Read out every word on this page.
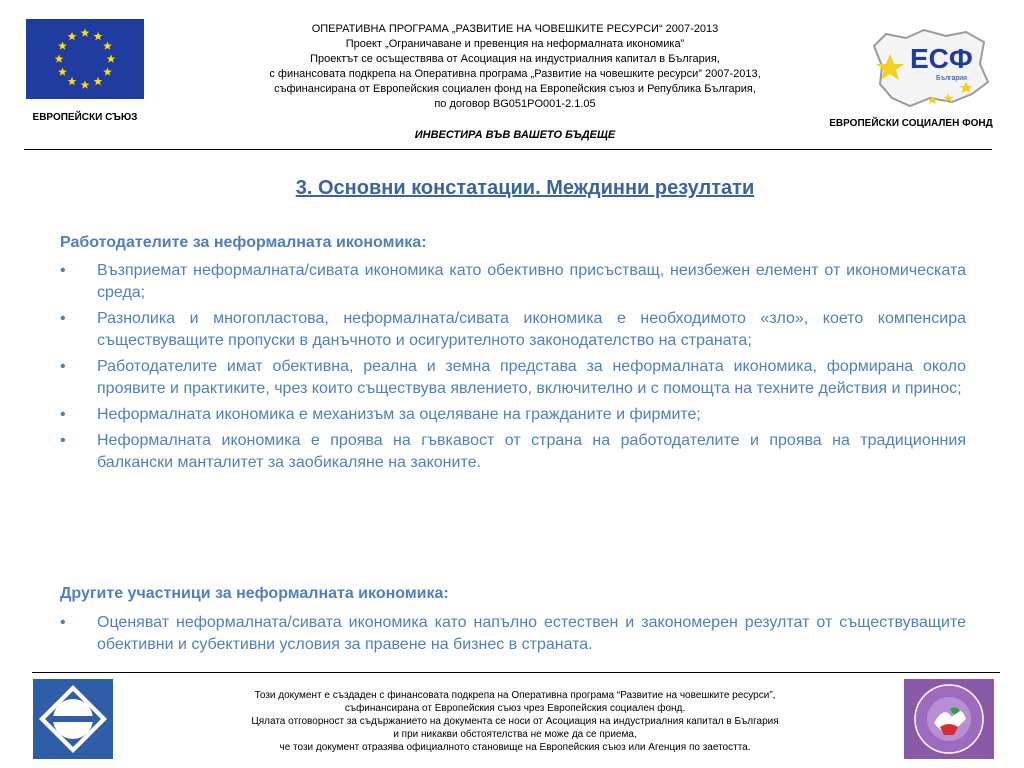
ЕВРОПЕЙСКИ СЪЮЗ
ОПЕРАТИВНА ПРОГРАМА „РАЗВИТИЕ НА ЧОВЕШКИТЕ РЕСУРСИ“ 2007-2013
Проект „Ограничаване и превенция на неформалната икономика”
Проектът се осъществява от Асоциация на индустриалния капитал в България,
с финансовата подкрепа на Оперативна програма „Развитие на човешките ресурси” 2007-2013,
съфинансирана от Европейския социален фонд на Европейския съюз и Република България,
по договор BG051PO001-2.1.05
ИНВЕСТИРА ВЪВ ВАШЕТО БЪДЕЩЕ
ЕСФ
България
ЕВРОПЕЙСКИ СОЦИАЛЕН ФОНД
3. Основни констатации. Междинни резултати
Работодателите за неформалната икономика:
• Възприемат неформалната/сивата икономика като обективно присъстващ, неизбежен елемент от икономическата среда;
• Разнолика и многопластова, неформалната/сивата икономика е необходимото «зло», което компенсира съществуващите пропуски в данъчното и осигурителното законодателство на страната;
• Работодателите имат обективна, реална и земна представа за неформалната икономика, формирана около проявите и практиките, чрез които съществува явлението, включително и с помощта на техните действия и принос;
• Неформалната икономика е механизъм за оцеляване на гражданите и фирмите;
• Неформалната икономика е проява на гъвкавост от страна на работодателите и проява на традиционния балкански манталитет за заобикаляне на законите.
Другите участници за неформалната икономика:
• Оценяват неформалната/сивата икономика като напълно естествен и закономерен резултат от съществуващите обективни и субективни условия за правене на бизнес в страната.
Този документ е създаден с финансовата подкрепа на Оперативна програма “Развитие на човешките ресурси”,
съфинансирана от Европейския съюз чрез Европейския социален фонд.
Цялата отговорност за съдържанието на документа се носи от Асоциация на индустриалния капитал в България
и при никакви обстоятелства не може да се приема,
че този документ отразява официалното становище на Европейския съюз или Агенция по заетостта.
